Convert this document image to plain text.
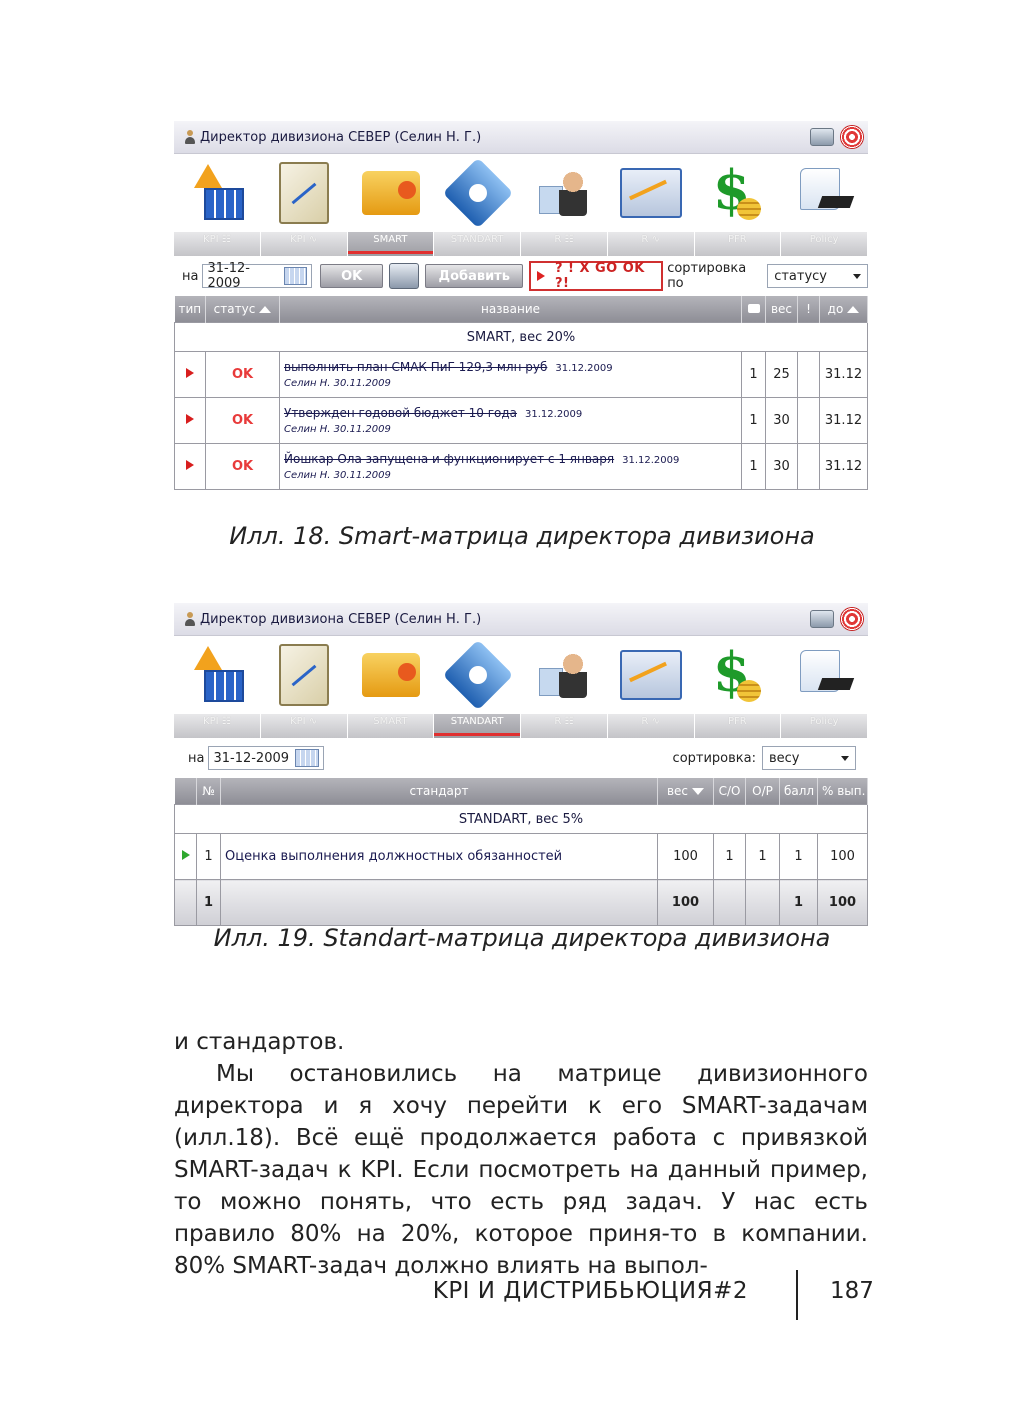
Директор дивизиона СЕВЕР (Селин Н. Г.)
$
KPI ☷	KPI ∿	SMART	STANDART	R ☷	R ∿	PFR	Policy
на 31-12-2009	OK	Добавить	? ! X GO OK ?!
сортировка по	статусу
тип	статус	название		вес	!	до
SMART, вес 20%						
	OK	выполнить план СМАК ПиГ 129,3 млн руб 31.12.2009
Селин Н. 30.11.2009	1	25		31.12
	OK	Утвержден годовой бюджет 10 года 31.12.2009
Селин Н. 30.11.2009	1	30		31.12
	OK	Йошкар Ола запущена и функционирует с 1 января 31.12.2009
Селин Н. 30.11.2009	1	30		31.12
Илл. 18. Smart-матрица директора дивизиона
Директор дивизиона СЕВЕР (Селин Н. Г.)
$
KPI ☷	KPI ∿	SMART	STANDART	R ☷	R ∿	PFR	Policy
на 31-12-2009	сортировка: весу
	№	стандарт	вес	С/О	О/Р	балл	% вып.
STANDART, вес 5%							
	1	Оценка выполнения должностных обязанностей	100	1	1	1	100
	1		100			1	100
Илл. 19. Standart-матрица директора дивизиона

и стандартов.

Мы остановились на матрице дивизионного директора и я хочу перейти к его SMART-задачам (илл.18). Всё ещё продолжается работа с привязкой SMART-задач к KPI. Если посмотреть на данный пример, то можно понять, что есть ряд задач. У нас есть правило 80% на 20%, которое приня-то в компании. 80% SMART-задач должно влиять на выпол-

KPI И ДИСТРИБЬЮЦИЯ#2	187
